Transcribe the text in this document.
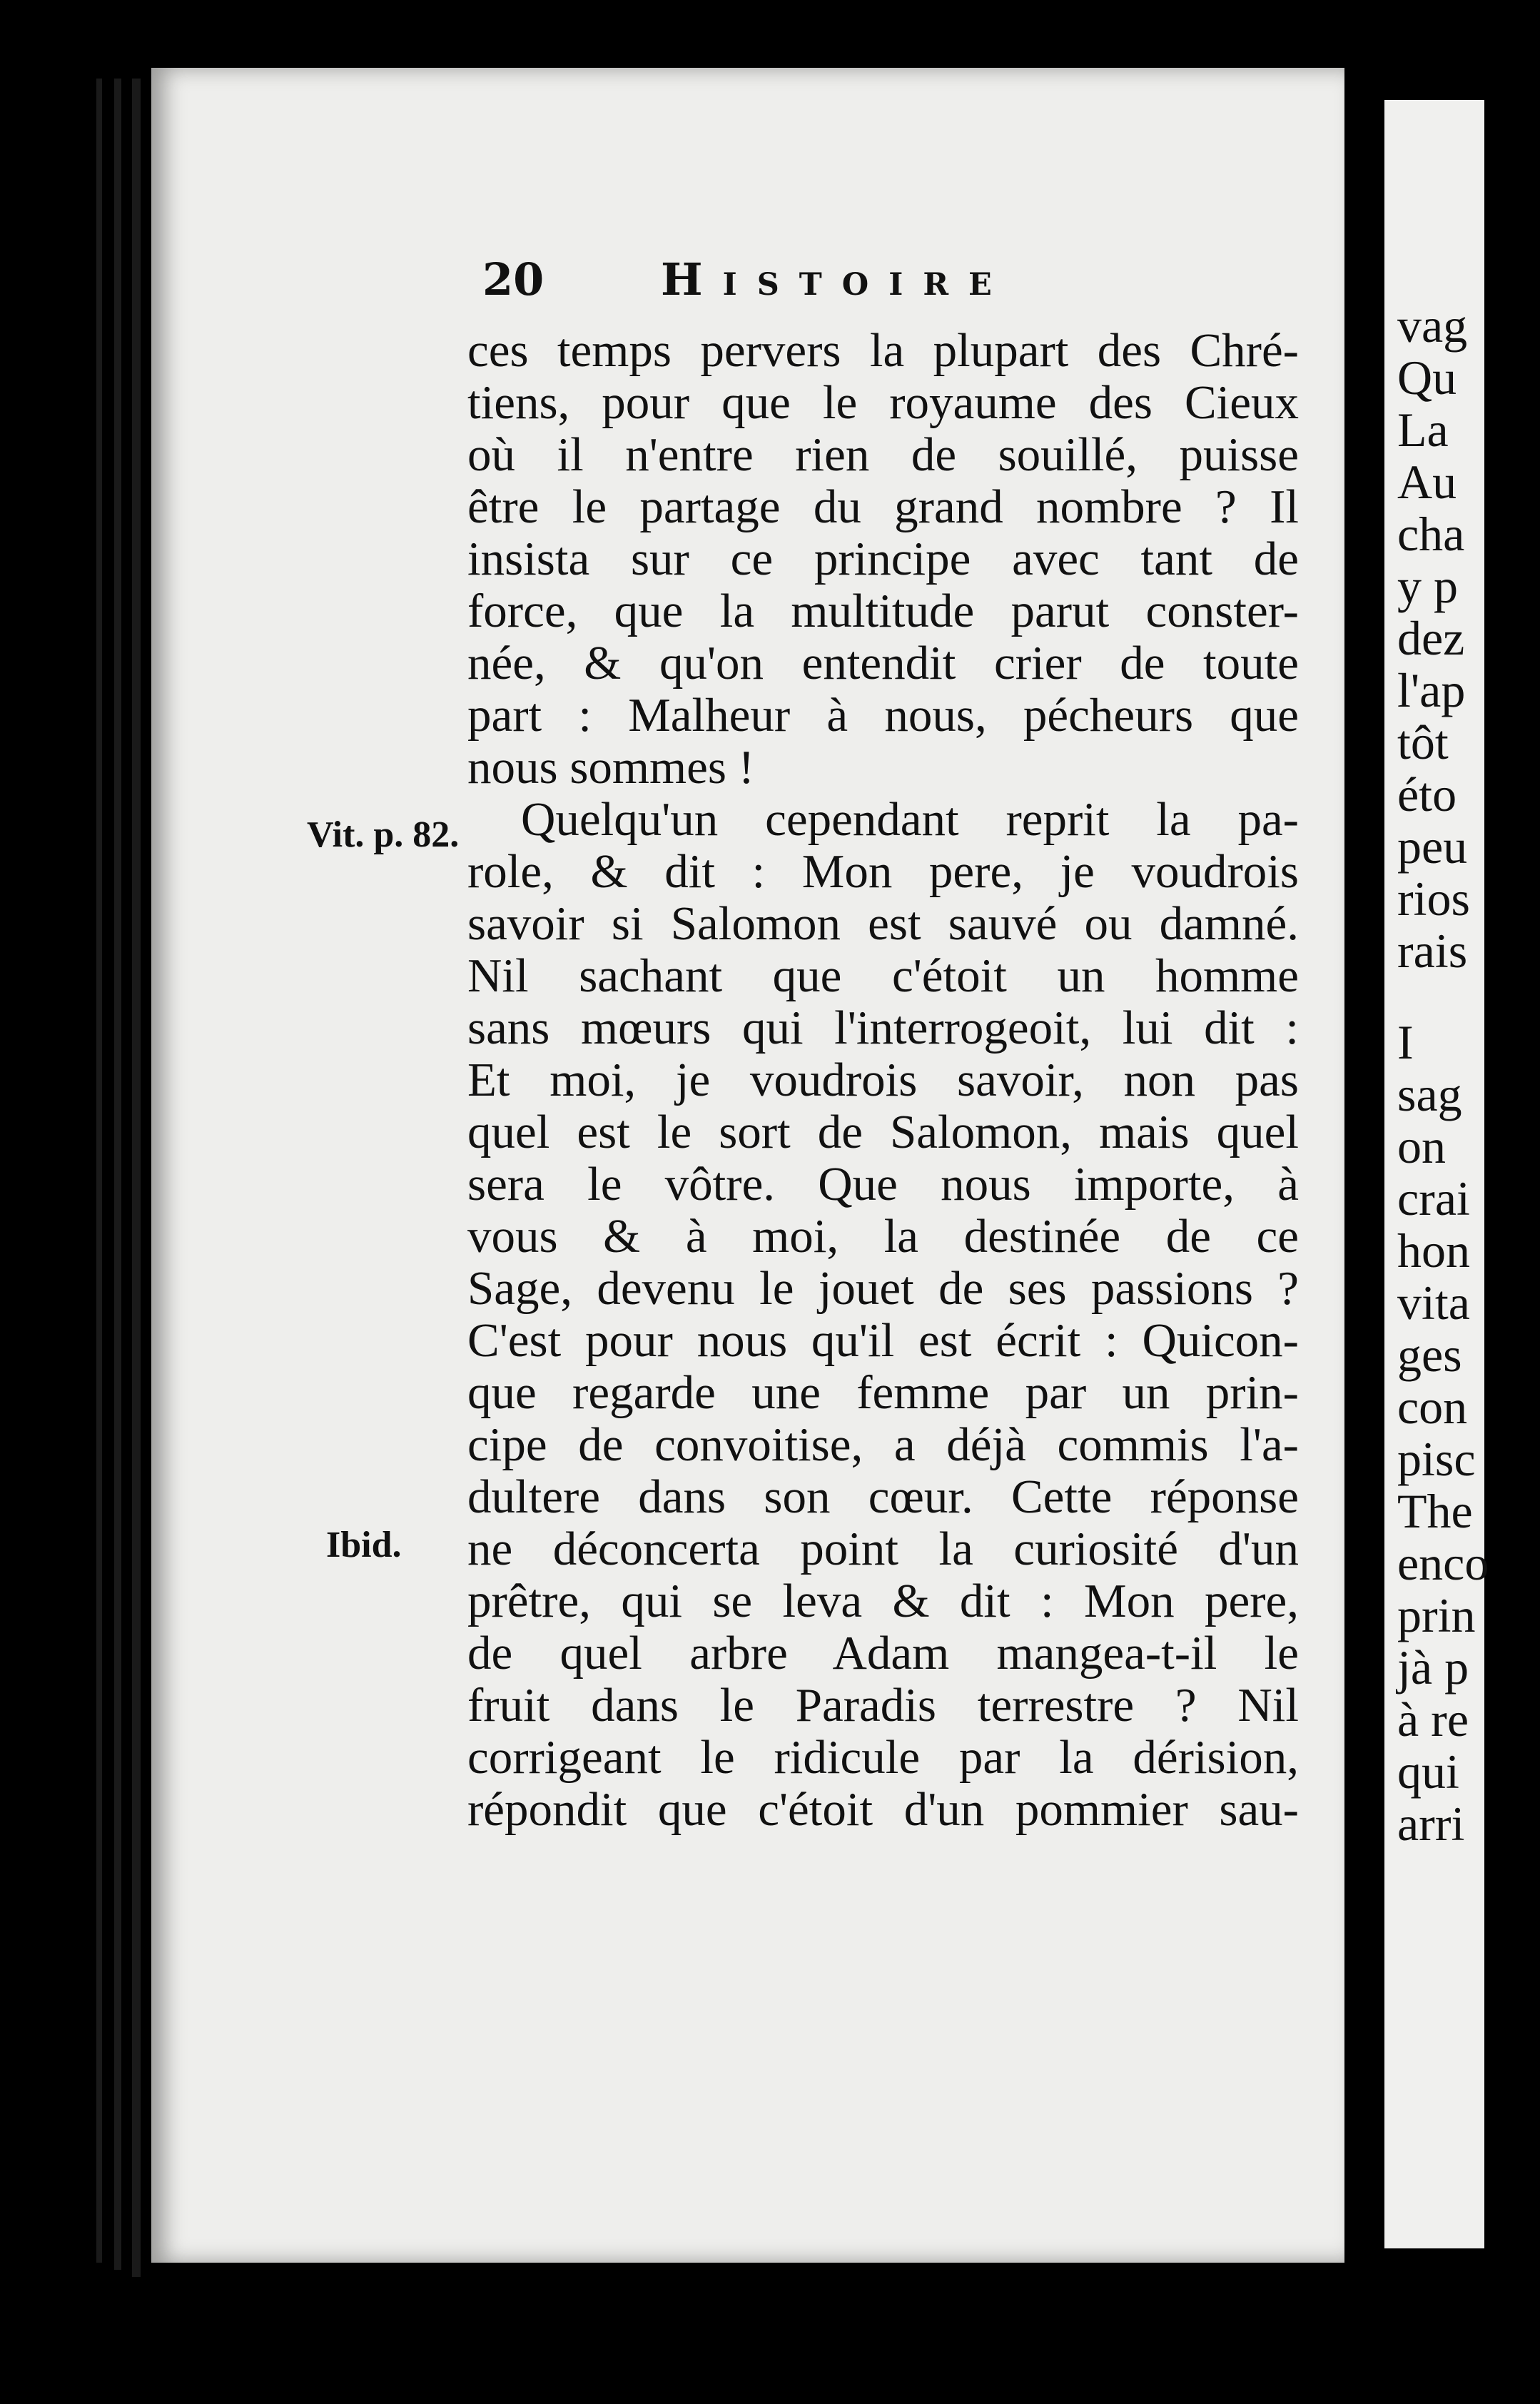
20	Histoire
Vit. p. 82.
Ibid.
ces temps pervers la plupart des Chré-
tiens, pour que le royaume des Cieux
où il n'entre rien de souillé, puisse
être le partage du grand nombre ? Il
insista sur ce principe avec tant de
force, que la multitude parut conster-
née, & qu'on entendit crier de toute
part : Malheur à nous, pécheurs que
nous sommes !
Quelqu'un cependant reprit la pa-
role, & dit : Mon pere, je voudrois
savoir si Salomon est sauvé ou damné.
Nil sachant que c'étoit un homme
sans mœurs qui l'interrogeoit, lui dit :
Et moi, je voudrois savoir, non pas
quel est le sort de Salomon, mais quel
sera le vôtre. Que nous importe, à
vous & à moi, la destinée de ce
Sage, devenu le jouet de ses passions ?
C'est pour nous qu'il est écrit : Quicon-
que regarde une femme par un prin-
cipe de convoitise, a déjà commis l'a-
dultere dans son cœur. Cette réponse
ne déconcerta point la curiosité d'un
prêtre, qui se leva & dit : Mon pere,
de quel arbre Adam mangea-t-il le
fruit dans le Paradis terrestre ? Nil
corrigeant le ridicule par la dérision,
répondit que c'étoit d'un pommier sau-
vag
Qu
La
Au
cha
y p
dez
l'ap
tôt
éto
peu
rios
rais
I
sag
on
crai
hon
vita
ges
con
pisc
The
enco
prin
jà p
à re
qui
arri
